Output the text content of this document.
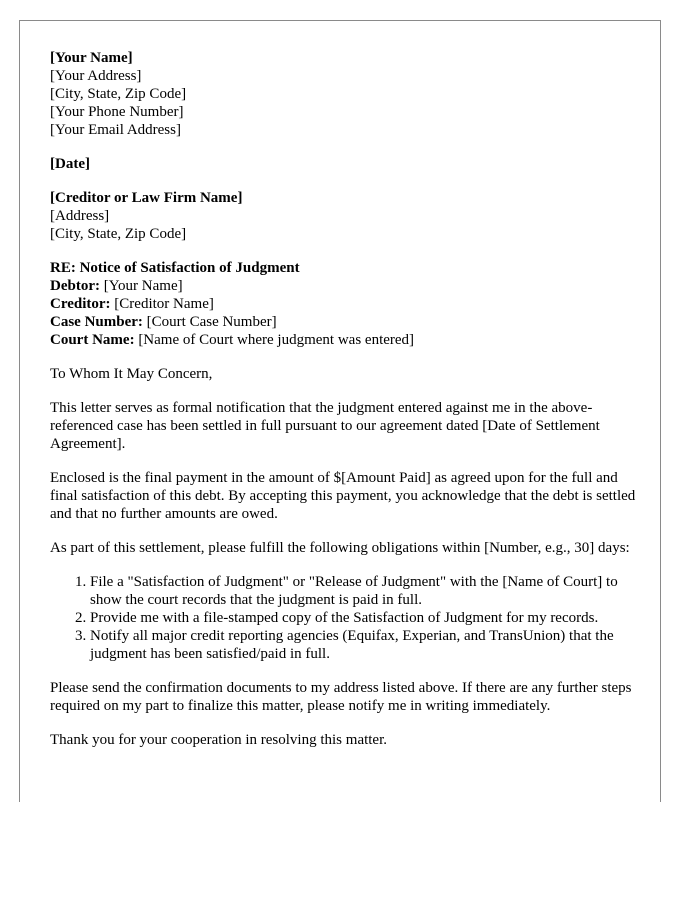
[Your Name]
[Your Address]
[City, State, Zip Code]
[Your Phone Number]
[Your Email Address]
[Date]
[Creditor or Law Firm Name]
[Address]
[City, State, Zip Code]
RE: Notice of Satisfaction of Judgment
Debtor: [Your Name]
Creditor: [Creditor Name]
Case Number: [Court Case Number]
Court Name: [Name of Court where judgment was entered]

To Whom It May Concern,

This letter serves as formal notification that the judgment entered against me in the above-referenced case has been settled in full pursuant to our agreement dated [Date of Settlement Agreement].

Enclosed is the final payment in the amount of $[Amount Paid] as agreed upon for the full and final satisfaction of this debt. By accepting this payment, you acknowledge that the debt is settled and that no further amounts are owed.

As part of this settlement, please fulfill the following obligations within [Number, e.g., 30] days:

1. File a "Satisfaction of Judgment" or "Release of Judgment" with the [Name of Court] to show the court records that the judgment is paid in full.
2. Provide me with a file-stamped copy of the Satisfaction of Judgment for my records.
3. Notify all major credit reporting agencies (Equifax, Experian, and TransUnion) that the judgment has been satisfied/paid in full.

Please send the confirmation documents to my address listed above. If there are any further steps required on my part to finalize this matter, please notify me in writing immediately.

Thank you for your cooperation in resolving this matter.
